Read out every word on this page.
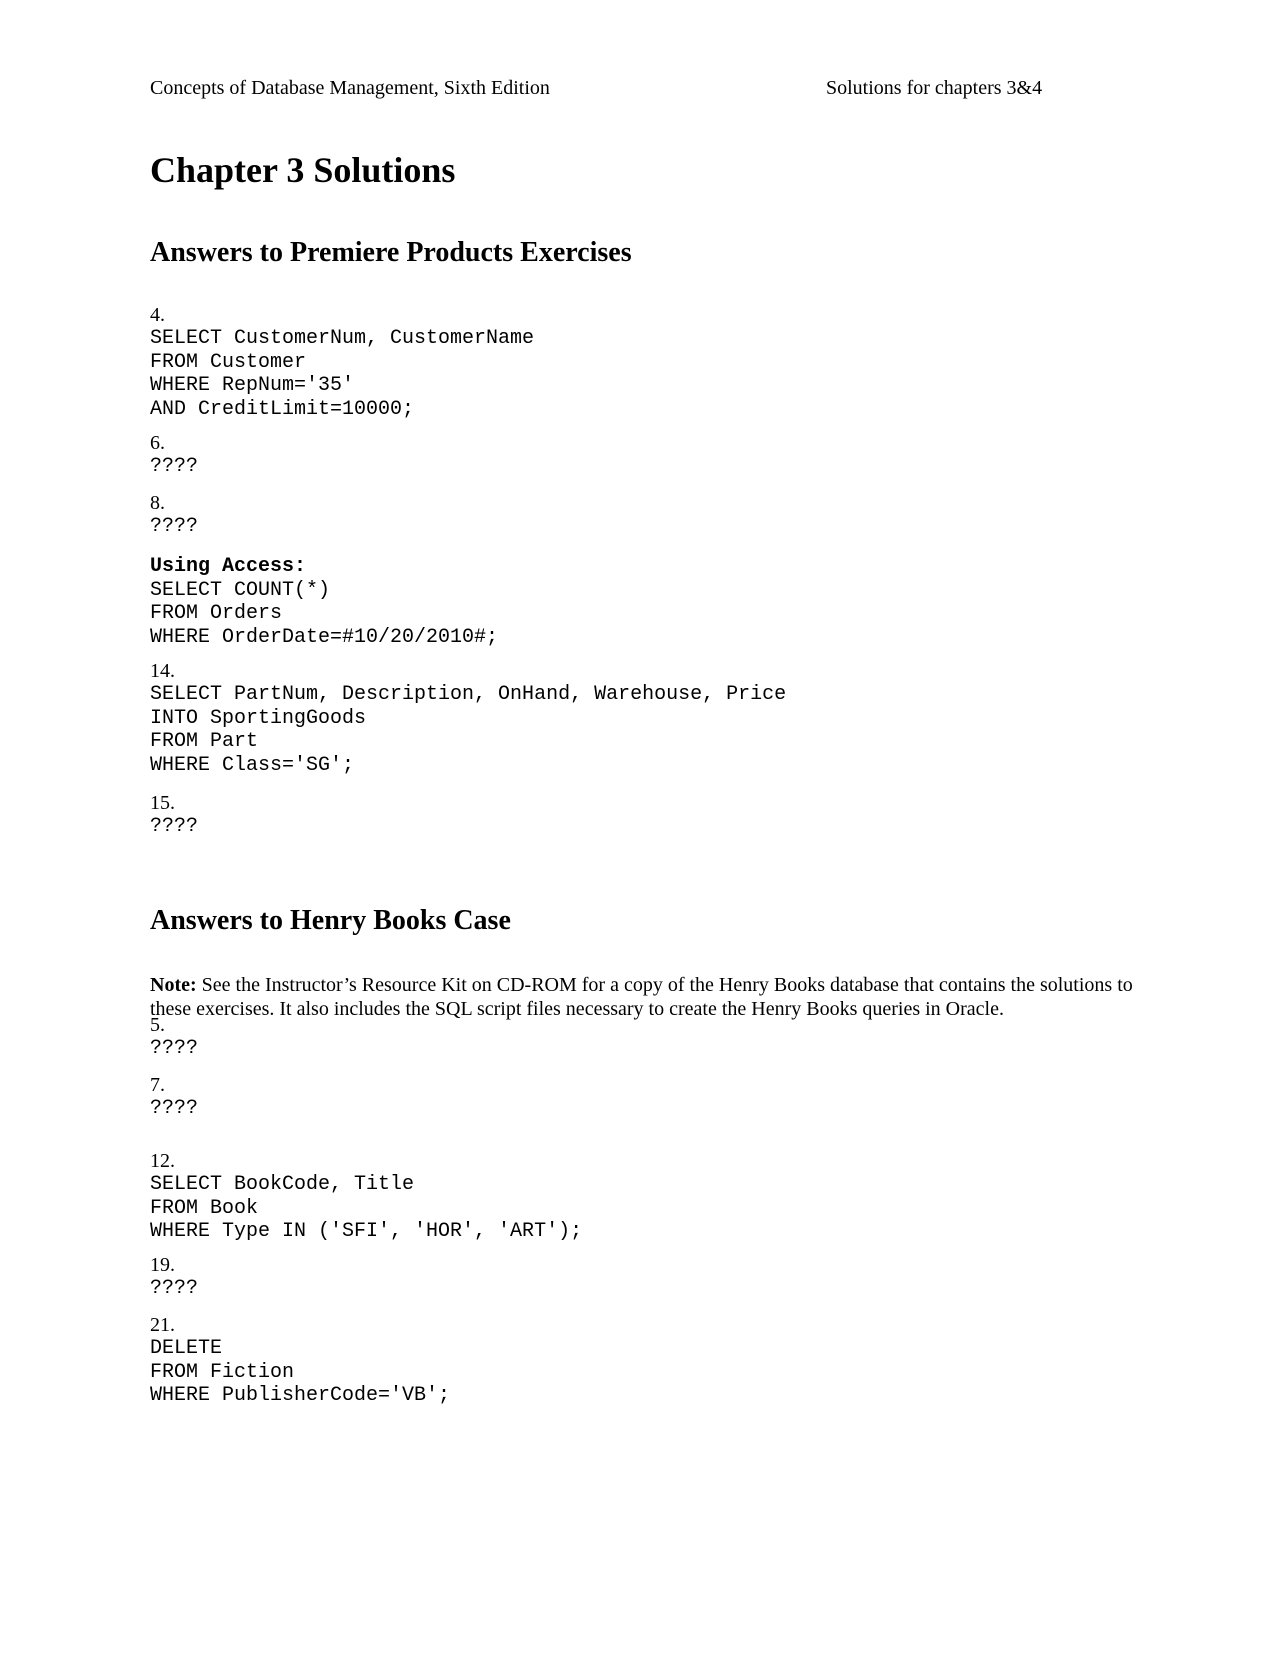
Concepts of Database Management, Sixth Edition	Solutions for chapters 3&4
Chapter 3 Solutions
Answers to Premiere Products Exercises
4.
SELECT CustomerNum, CustomerName
FROM Customer
WHERE RepNum='35'
AND CreditLimit=10000;
6.
????
8.
????
Using Access:
SELECT COUNT(*)
FROM Orders
WHERE OrderDate=#10/20/2010#;
14.
SELECT PartNum, Description, OnHand, Warehouse, Price
INTO SportingGoods
FROM Part
WHERE Class='SG';
15.
????
Answers to Henry Books Case

Note: See the Instructor’s Resource Kit on CD-ROM for a copy of the Henry Books database that contains the solutions to these exercises. It also includes the SQL script files necessary to create the Henry Books queries in Oracle.

5.
????
7.
????
12.
SELECT BookCode, Title
FROM Book
WHERE Type IN ('SFI', 'HOR', 'ART');
19.
????
21.
DELETE
FROM Fiction
WHERE PublisherCode='VB';
